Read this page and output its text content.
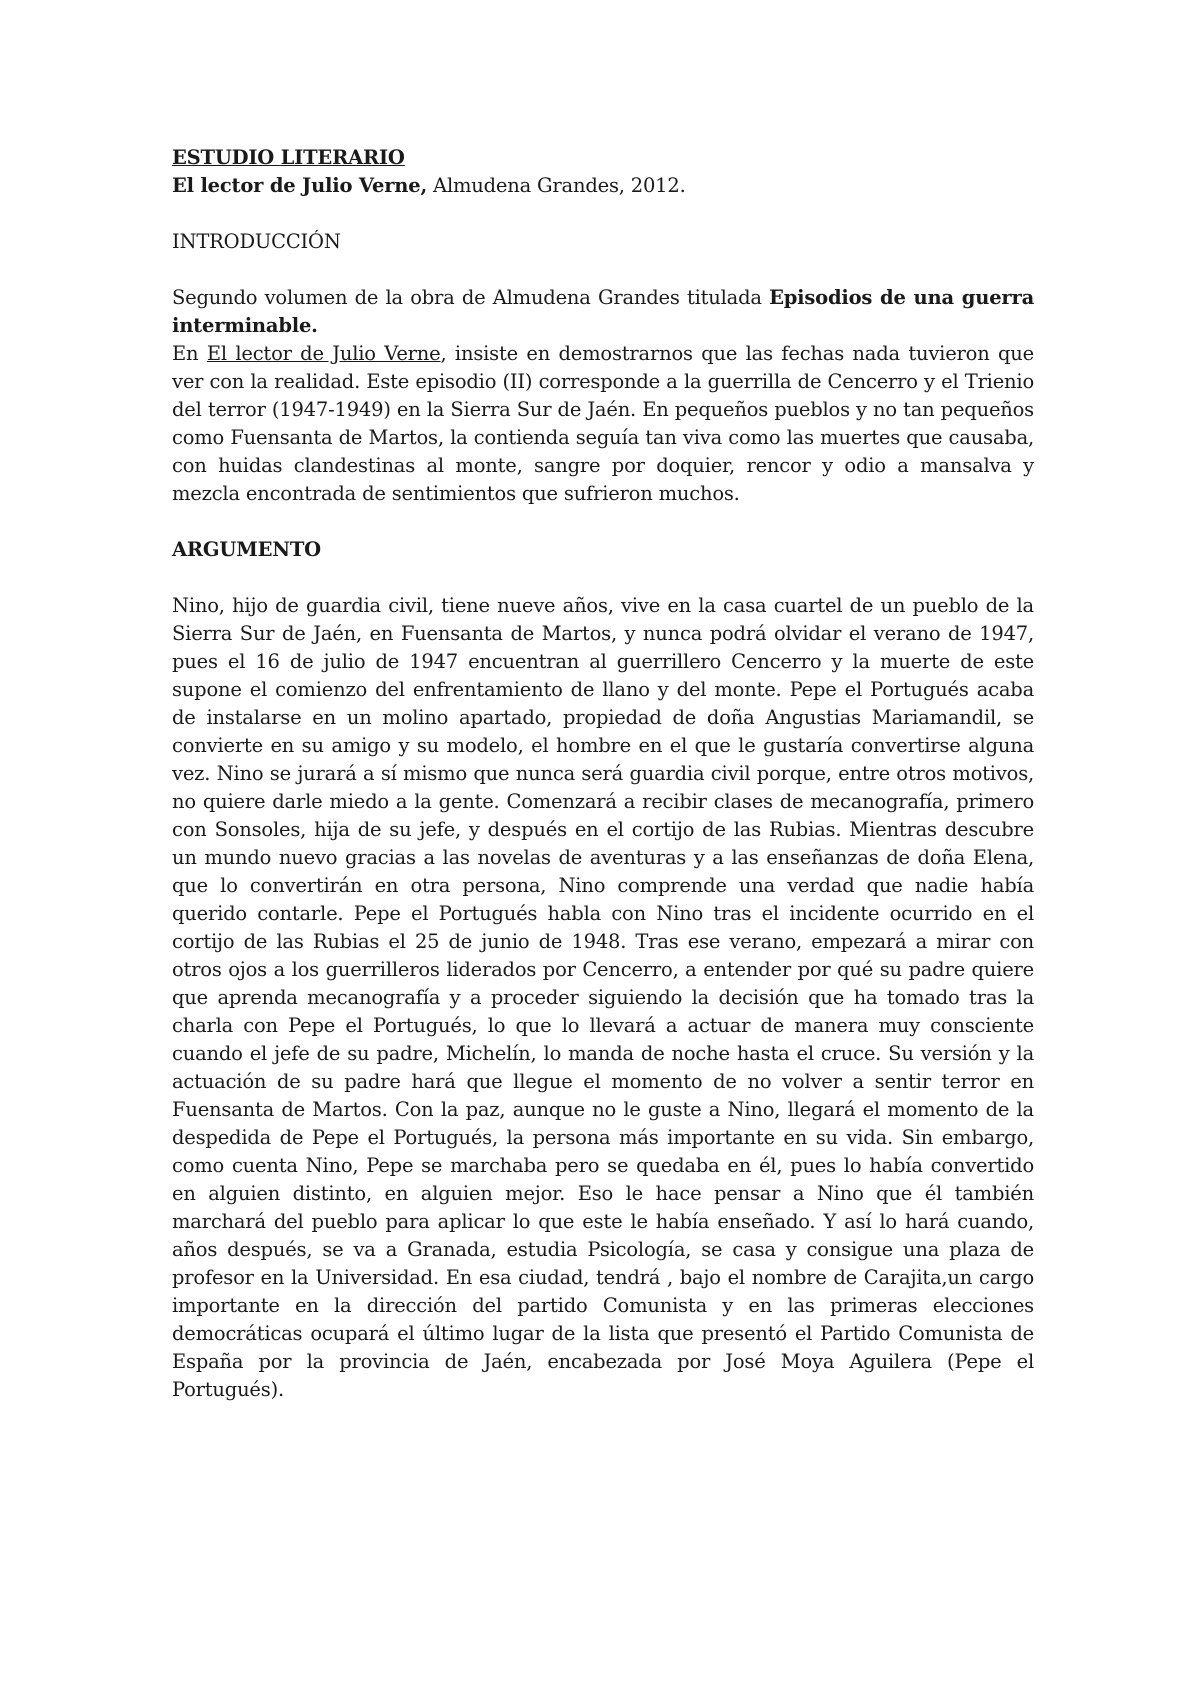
ESTUDIO LITERARIO
El lector de Julio Verne, Almudena Grandes, 2012.
INTRODUCCIÓN

Segundo volumen de la obra de Almudena Grandes titulada Episodios de una guerra interminable.

En El lector de Julio Verne, insiste en demostrarnos que las fechas nada tuvieron que ver con la realidad. Este episodio (II) corresponde a la guerrilla de Cencerro y el Trienio del terror (1947-1949) en la Sierra Sur de Jaén. En pequeños pueblos y no tan pequeños como Fuensanta de Martos, la contienda seguía tan viva como las muertes que causaba, con huidas clandestinas al monte, sangre por doquier, rencor y odio a mansalva y mezcla encontrada de sentimientos que sufrieron muchos.

ARGUMENTO

Nino, hijo de guardia civil, tiene nueve años, vive en la casa cuartel de un pueblo de la Sierra Sur de Jaén, en Fuensanta de Martos, y nunca podrá olvidar el verano de 1947, pues el 16 de julio de 1947 encuentran al guerrillero Cencerro y la muerte de este supone el comienzo del enfrentamiento de llano y del monte. Pepe el Portugués acaba de instalarse en un molino apartado, propiedad de doña Angustias Mariamandil, se convierte en su amigo y su modelo, el hombre en el que le gustaría convertirse alguna vez. Nino se jurará a sí mismo que nunca será guardia civil porque, entre otros motivos, no quiere darle miedo a la gente. Comenzará a recibir clases de mecanografía, primero con Sonsoles, hija de su jefe, y después en el cortijo de las Rubias. Mientras descubre un mundo nuevo gracias a las novelas de aventuras y a las enseñanzas de doña Elena, que lo convertirán en otra persona, Nino comprende una verdad que nadie había querido contarle. Pepe el Portugués habla con Nino tras el incidente ocurrido en el cortijo de las Rubias el 25 de junio de 1948. Tras ese verano, empezará a mirar con otros ojos a los guerrilleros liderados por Cencerro, a entender por qué su padre quiere que aprenda mecanografía y a proceder siguiendo la decisión que ha tomado tras la charla con Pepe el Portugués, lo que lo llevará a actuar de manera muy consciente cuando el jefe de su padre, Michelín, lo manda de noche hasta el cruce. Su versión y la actuación de su padre hará que llegue el momento de no volver a sentir terror en Fuensanta de Martos. Con la paz, aunque no le guste a Nino, llegará el momento de la despedida de Pepe el Portugués, la persona más importante en su vida. Sin embargo, como cuenta Nino, Pepe se marchaba pero se quedaba en él, pues lo había convertido en alguien distinto, en alguien mejor. Eso le hace pensar a Nino que él también marchará del pueblo para aplicar lo que este le había enseñado. Y así lo hará cuando, años después, se va a Granada, estudia Psicología, se casa y consigue una plaza de profesor en la Universidad. En esa ciudad, tendrá , bajo el nombre de Carajita,un cargo importante en la dirección del partido Comunista y en las primeras elecciones democráticas ocupará el último lugar de la lista que presentó el Partido Comunista de España por la provincia de Jaén, encabezada por José Moya Aguilera (Pepe el Portugués).
